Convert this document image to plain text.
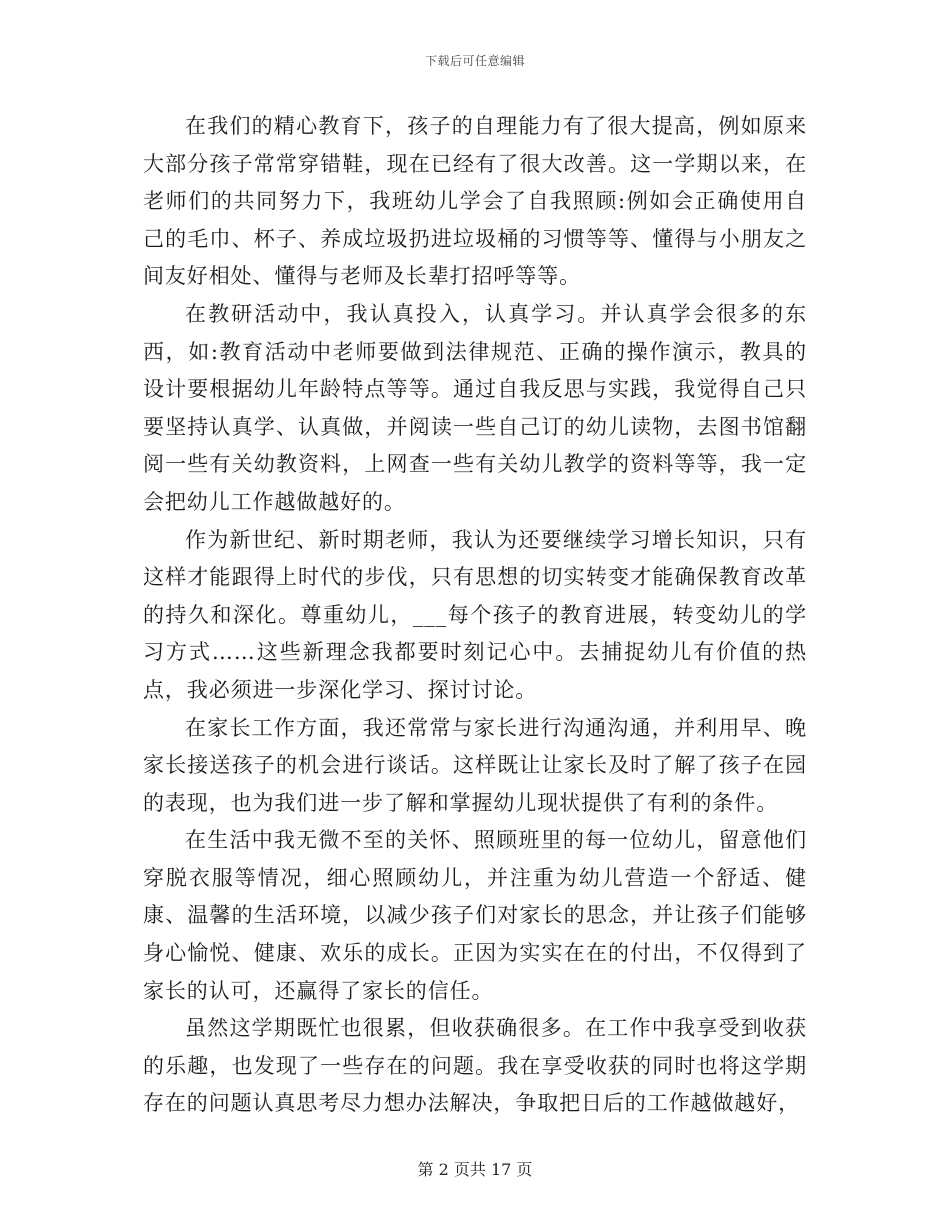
下载后可任意编辑

在我们的精心教育下，孩子的自理能力有了很大提高，例如原来大部分孩子常常穿错鞋，现在已经有了很大改善。这一学期以来，在老师们的共同努力下，我班幼儿学会了自我照顾:例如会正确使用自己的毛巾、杯子、养成垃圾扔进垃圾桶的习惯等等、懂得与小朋友之间友好相处、懂得与老师及长辈打招呼等等。

在教研活动中，我认真投入，认真学习。并认真学会很多的东西，如:教育活动中老师要做到法律规范、正确的操作演示，教具的设计要根据幼儿年龄特点等等。通过自我反思与实践，我觉得自己只要坚持认真学、认真做，并阅读一些自己订的幼儿读物，去图书馆翻阅一些有关幼教资料，上网查一些有关幼儿教学的资料等等，我一定会把幼儿工作越做越好的。

作为新世纪、新时期老师，我认为还要继续学习增长知识，只有这样才能跟得上时代的步伐，只有思想的切实转变才能确保教育改革的持久和深化。尊重幼儿，___每个孩子的教育进展，转变幼儿的学习方式……这些新理念我都要时刻记心中。去捕捉幼儿有价值的热点，我必须进一步深化学习、探讨讨论。

在家长工作方面，我还常常与家长进行沟通沟通，并利用早、晚家长接送孩子的机会进行谈话。这样既让让家长及时了解了孩子在园的表现，也为我们进一步了解和掌握幼儿现状提供了有利的条件。

在生活中我无微不至的关怀、照顾班里的每一位幼儿，留意他们穿脱衣服等情况，细心照顾幼儿，并注重为幼儿营造一个舒适、健康、温馨的生活环境，以减少孩子们对家长的思念，并让孩子们能够身心愉悦、健康、欢乐的成长。正因为实实在在的付出，不仅得到了家长的认可，还赢得了家长的信任。

虽然这学期既忙也很累，但收获确很多。在工作中我享受到收获的乐趣，也发现了一些存在的问题。我在享受收获的同时也将这学期存在的问题认真思考尽力想办法解决，争取把日后的工作越做越好，

第 2 页共 17 页
